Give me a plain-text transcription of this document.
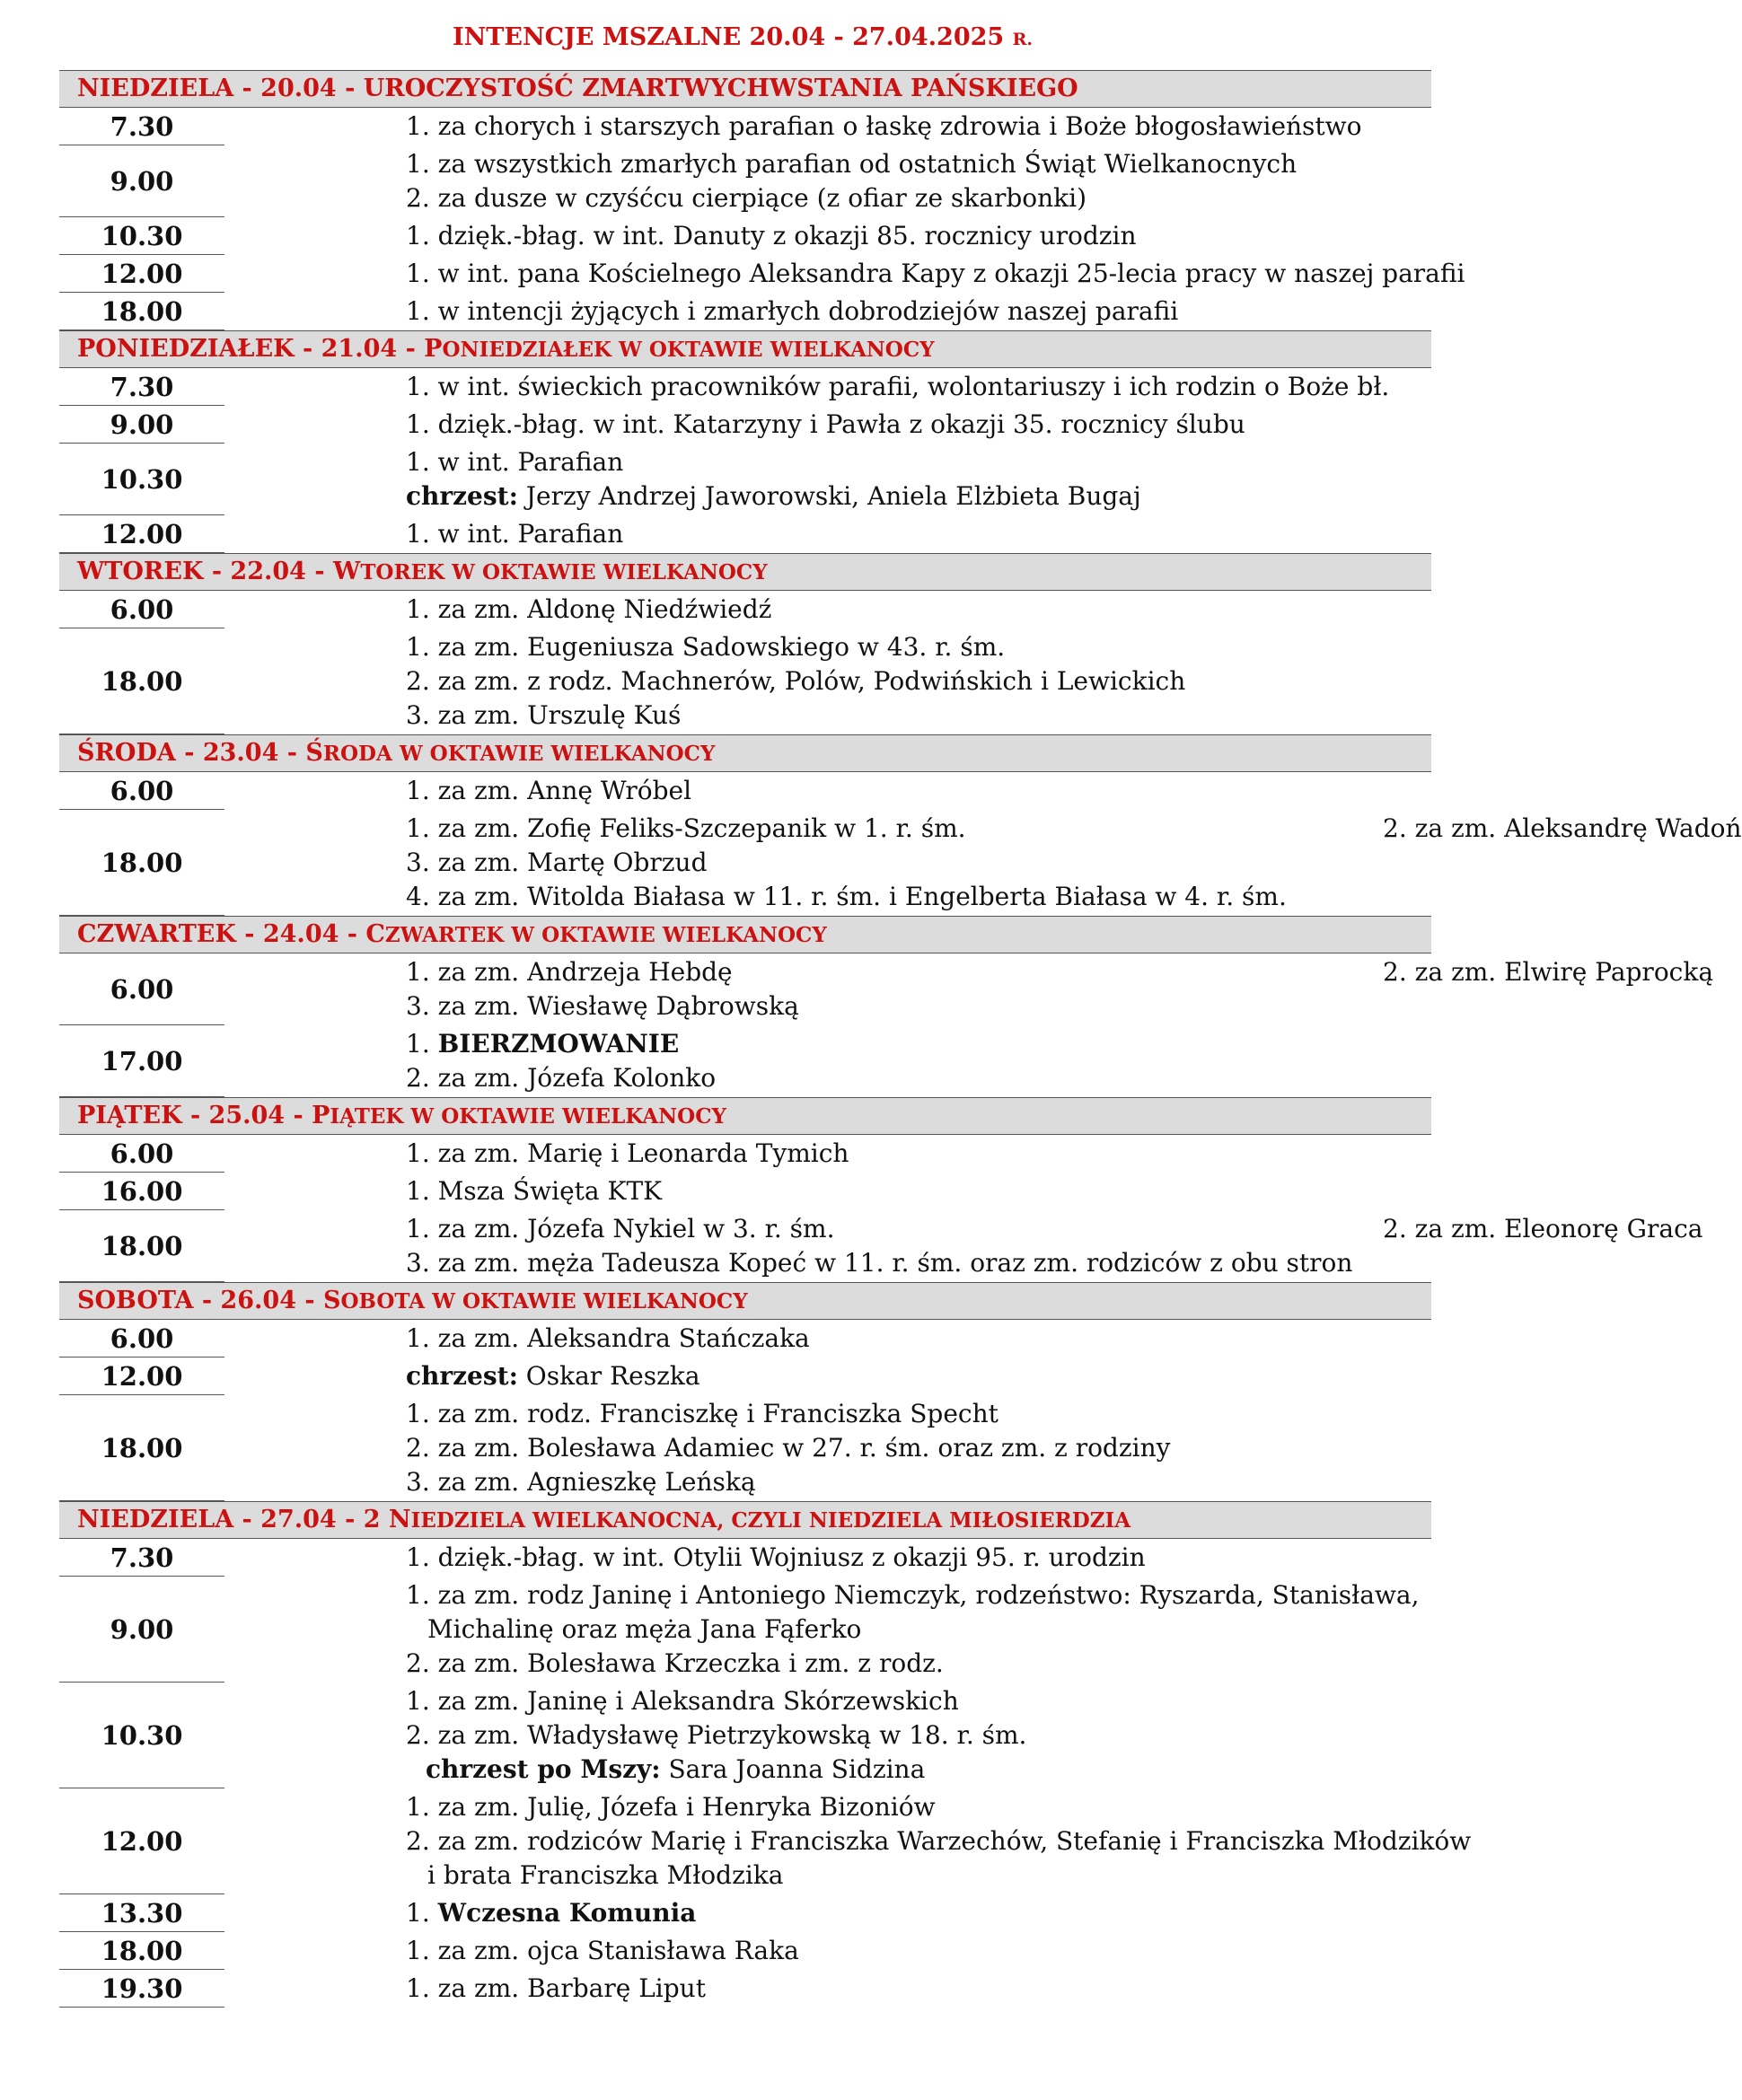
INTENCJE MSZALNE 20.04 - 27.04.2025 R.
NIEDZIELA - 20.04 - UROCZYSTOŚĆ ZMARTWYCHWSTANIA PAŃSKIEGO
7.30	1. za chorych i starszych parafian o łaskę zdrowia i Boże błogosławieństwo
9.00
1. za wszystkich zmarłych parafian od ostatnich Świąt Wielkanocnych
2. za dusze w czyśćcu cierpiące (z ofiar ze skarbonki)
10.30	1. dzięk.-błag. w int. Danuty z okazji 85. rocznicy urodzin
12.00	1. w int. pana Kościelnego Aleksandra Kapy z okazji 25-lecia pracy w naszej parafii
18.00	1. w intencji żyjących i zmarłych dobrodziejów naszej parafii
PONIEDZIAŁEK - 21.04 - PONIEDZIAŁEK W OKTAWIE WIELKANOCY
7.30	1. w int. świeckich pracowników parafii, wolontariuszy i ich rodzin o Boże bł.
9.00	1. dzięk.-błag. w int. Katarzyny i Pawła z okazji 35. rocznicy ślubu
10.30
1. w int. Parafian
chrzest: Jerzy Andrzej Jaworowski, Aniela Elżbieta Bugaj
12.00	1. w int. Parafian
WTOREK - 22.04 - WTOREK W OKTAWIE WIELKANOCY
6.00	1. za zm. Aldonę Niedźwiedź
18.00
1. za zm. Eugeniusza Sadowskiego w 43. r. śm.
2. za zm. z rodz. Machnerów, Polów, Podwińskich i Lewickich
3. za zm. Urszulę Kuś
ŚRODA - 23.04 - ŚRODA W OKTAWIE WIELKANOCY
6.00	1. za zm. Annę Wróbel
18.00
1. za zm. Zofię Feliks-Szczepanik w 1. r. śm.	2. za zm. Aleksandrę Wadoń
3. za zm. Martę Obrzud
4. za zm. Witolda Białasa w 11. r. śm. i Engelberta Białasa w 4. r. śm.
CZWARTEK - 24.04 - CZWARTEK W OKTAWIE WIELKANOCY
6.00
1. za zm. Andrzeja Hebdę	2. za zm. Elwirę Paprocką
3. za zm. Wiesławę Dąbrowską
17.00
1. BIERZMOWANIE
2. za zm. Józefa Kolonko
PIĄTEK - 25.04 - PIĄTEK W OKTAWIE WIELKANOCY
6.00	1. za zm. Marię i Leonarda Tymich
16.00	1. Msza Święta KTK
18.00
1. za zm. Józefa Nykiel w 3. r. śm.	2. za zm. Eleonorę Graca
3. za zm. męża Tadeusza Kopeć w 11. r. śm. oraz zm. rodziców z obu stron
SOBOTA - 26.04 - SOBOTA W OKTAWIE WIELKANOCY
6.00	1. za zm. Aleksandra Stańczaka
12.00	chrzest: Oskar Reszka
18.00
1. za zm. rodz. Franciszkę i Franciszka Specht
2. za zm. Bolesława Adamiec w 27. r. śm. oraz zm. z rodziny
3. za zm. Agnieszkę Leńską
NIEDZIELA - 27.04 - 2 NIEDZIELA WIELKANOCNA, CZYLI NIEDZIELA MIŁOSIERDZIA
7.30	1. dzięk.-błag. w int. Otylii Wojniusz z okazji 95. r. urodzin
9.00
1. za zm. rodz Janinę i Antoniego Niemczyk, rodzeństwo: Ryszarda, Stanisława,
Michalinę oraz męża Jana Fąferko
2. za zm. Bolesława Krzeczka i zm. z rodz.
10.30
1. za zm. Janinę i Aleksandra Skórzewskich
2. za zm. Władysławę Pietrzykowską w 18. r. śm.
chrzest po Mszy: Sara Joanna Sidzina
12.00
1. za zm. Julię, Józefa i Henryka Bizoniów
2. za zm. rodziców Marię i Franciszka Warzechów, Stefanię i Franciszka Młodzików
i brata Franciszka Młodzika
13.30	1. Wczesna Komunia
18.00	1. za zm. ojca Stanisława Raka
19.30	1. za zm. Barbarę Liput
